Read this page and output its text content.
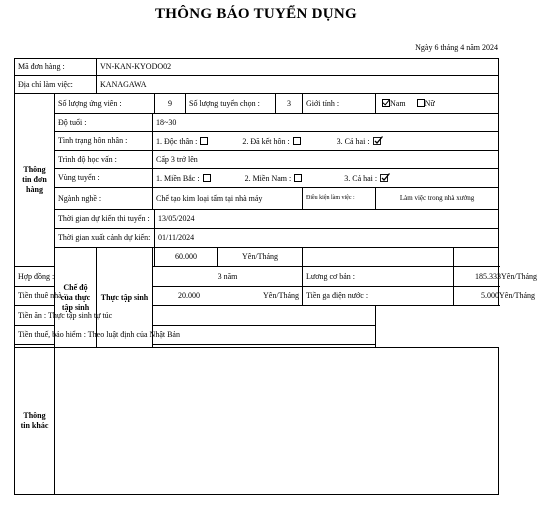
THÔNG BÁO TUYỂN DỤNG
Ngày 6 tháng 4 năm 2024
Mã đơn hàng :		VN-KAN-KYODO02								
Địa chỉ làm việc:		KANAGAWA								
Thông tin đơn hàng	Số lượng ứng viên :			9	Số lượng tuyển chọn :		3	Giới tính :	Nam Nữ	
	Độ tuổi :		18~30							
	Tình trạng hôn nhân :		1. Độc thân : 2. Đã kết hôn : 3. Cả hai :							
	Trình độ học vấn :		Cấp 3 trở lên							
	Vùng tuyển :		1. Miền Bắc : 2. Miền Nam : 3. Cả hai :							
	Ngành nghề :		Chế tạo kim loại tấm tại nhà máy					Điều kiện làm việc :	Làm việc trong nhà xưởng	
	Thời gian dự kiến thi tuyển :			13/05/2024						
	Thời gian xuất cảnh dự kiến:			01/11/2024						
	Chế độ của thực tập sinh	Thực tập sinh		60.000		Yên/Tháng				
Hợp đồng :			3 năm					Lương cơ bản :		185.333 Yên/Tháng

Tiền thuê nhà :			20.000 Yên/Tháng					Tiền ga điện nước :		5.000 Yên/Tháng

Tiền ăn : Thực tập sinh tự túc										
Tiền thuế, bảo hiểm : Theo luật định của Nhật Bản										

Thông tin khác										
